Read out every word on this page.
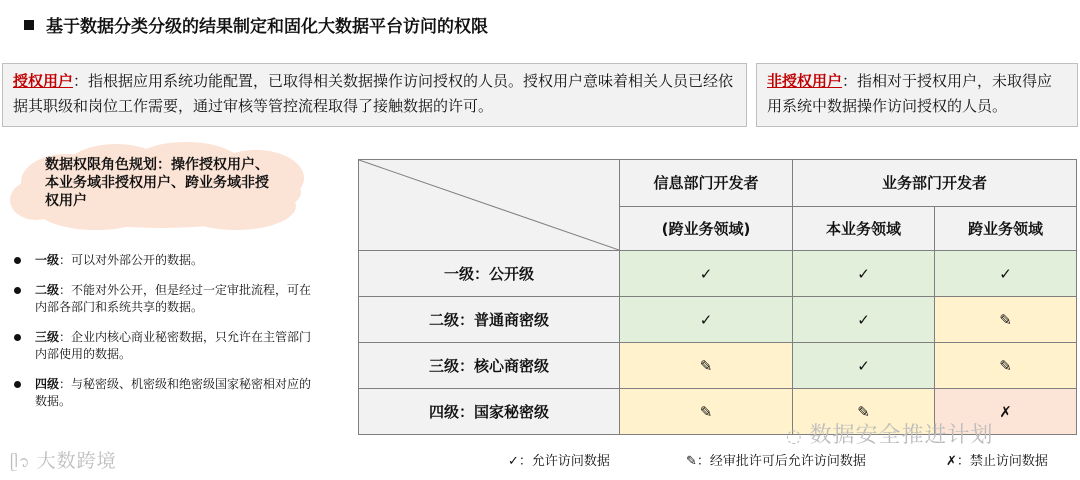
基于数据分类分级的结果制定和固化大数据平台访问的权限
授权用户：指根据应用系统功能配置，已取得相关数据操作访问授权的人员。授权用户意味着相关人员已经依据其职级和岗位工作需要，通过审核等管控流程取得了接触数据的许可。
非授权用户：指相对于授权用户，未取得应用系统中数据操作访问授权的人员。
数据权限角色规划：操作授权用户、本业务域非授权用户、跨业务域非授权用户
一级：可以对外部公开的数据。
二级：不能对外公开，但是经过一定审批流程，可在内部各部门和系统共享的数据。
三级：企业内核心商业秘密数据，只允许在主管部门内部使用的数据。
四级：与秘密级、机密级和绝密级国家秘密相对应的数据。
	信息部门开发者	业务部门开发者	
	(跨业务领域)	本业务领域	跨业务领域
一级：公开级	✓	✓	✓
二级：普通商密级	✓	✓	✎
三级：核心商密级	✎	✓	✎
四级：国家秘密级	✎	✎	✗
✓：允许访问数据	✎：经审批许可后允许访问数据	✗：禁止访问数据
ᥫ᭡ 大数跨境
◌ 数据安全推进计划
